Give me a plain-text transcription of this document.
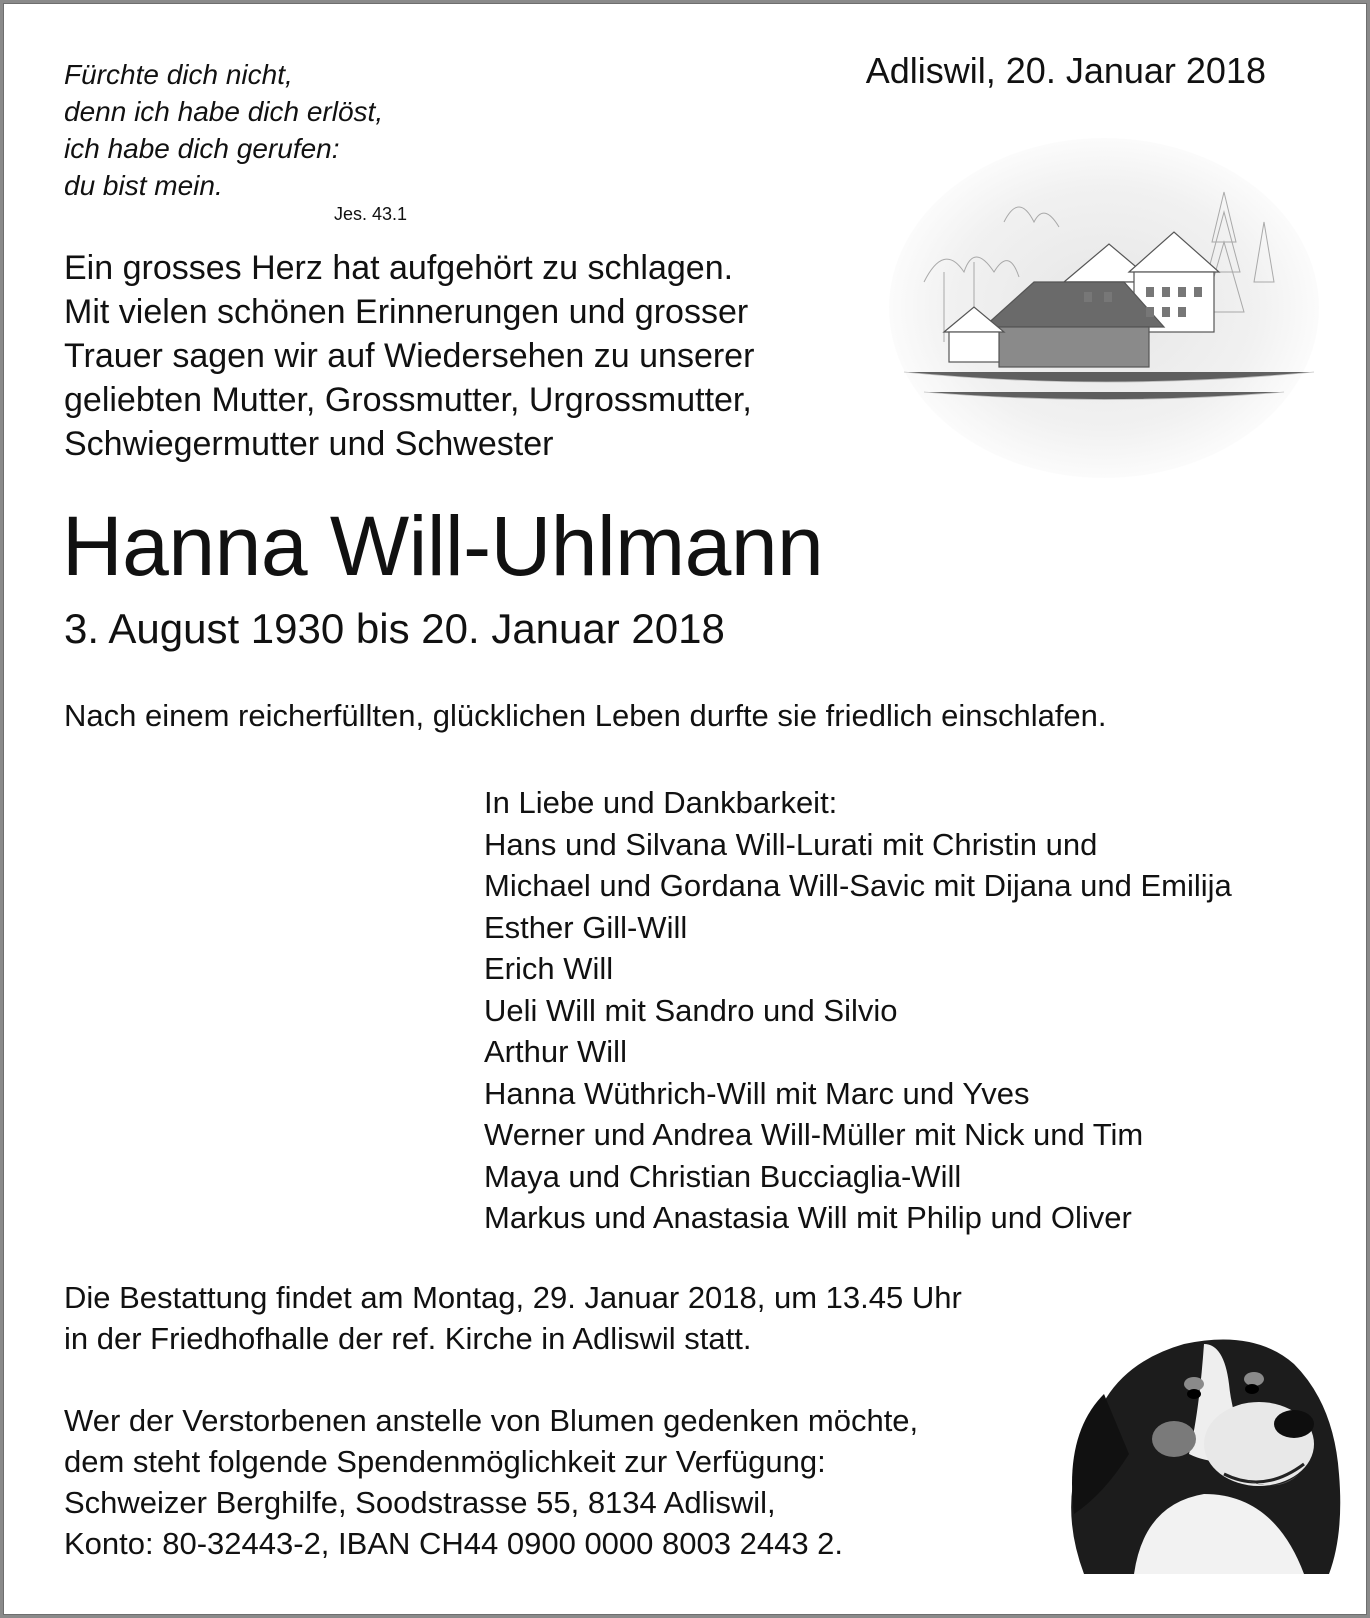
Fürchte dich nicht,
denn ich habe dich erlöst,
ich habe dich gerufen:
du bist mein.
Jes. 43.1
Adliswil, 20. Januar 2018
Ein grosses Herz hat aufgehört zu schlagen.
Mit vielen schönen Erinnerungen und grosser
Trauer sagen wir auf Wiedersehen zu unserer
geliebten Mutter, Grossmutter, Urgrossmutter,
Schwiegermutter und Schwester
Hanna Will-Uhlmann
3. August 1930 bis 20. Januar 2018
Nach einem reicherfüllten, glücklichen Leben durfte sie friedlich einschlafen.
In Liebe und Dankbarkeit:
Hans und Silvana Will-Lurati mit Christin und
Michael und Gordana Will-Savic mit Dijana und Emilija
Esther Gill-Will
Erich Will
Ueli Will mit Sandro und Silvio
Arthur Will
Hanna Wüthrich-Will mit Marc und Yves
Werner und Andrea Will-Müller mit Nick und Tim
Maya und Christian Bucciaglia-Will
Markus und Anastasia Will mit Philip und Oliver
Die Bestattung findet am Montag, 29. Januar 2018, um 13.45 Uhr
in der Friedhofhalle der ref. Kirche in Adliswil statt.
Wer der Verstorbenen anstelle von Blumen gedenken möchte,
dem steht folgende Spendenmöglichkeit zur Verfügung:
Schweizer Berghilfe, Soodstrasse 55, 8134 Adliswil,
Konto: 80-32443-2, IBAN CH44 0900 0000 8003 2443 2.
